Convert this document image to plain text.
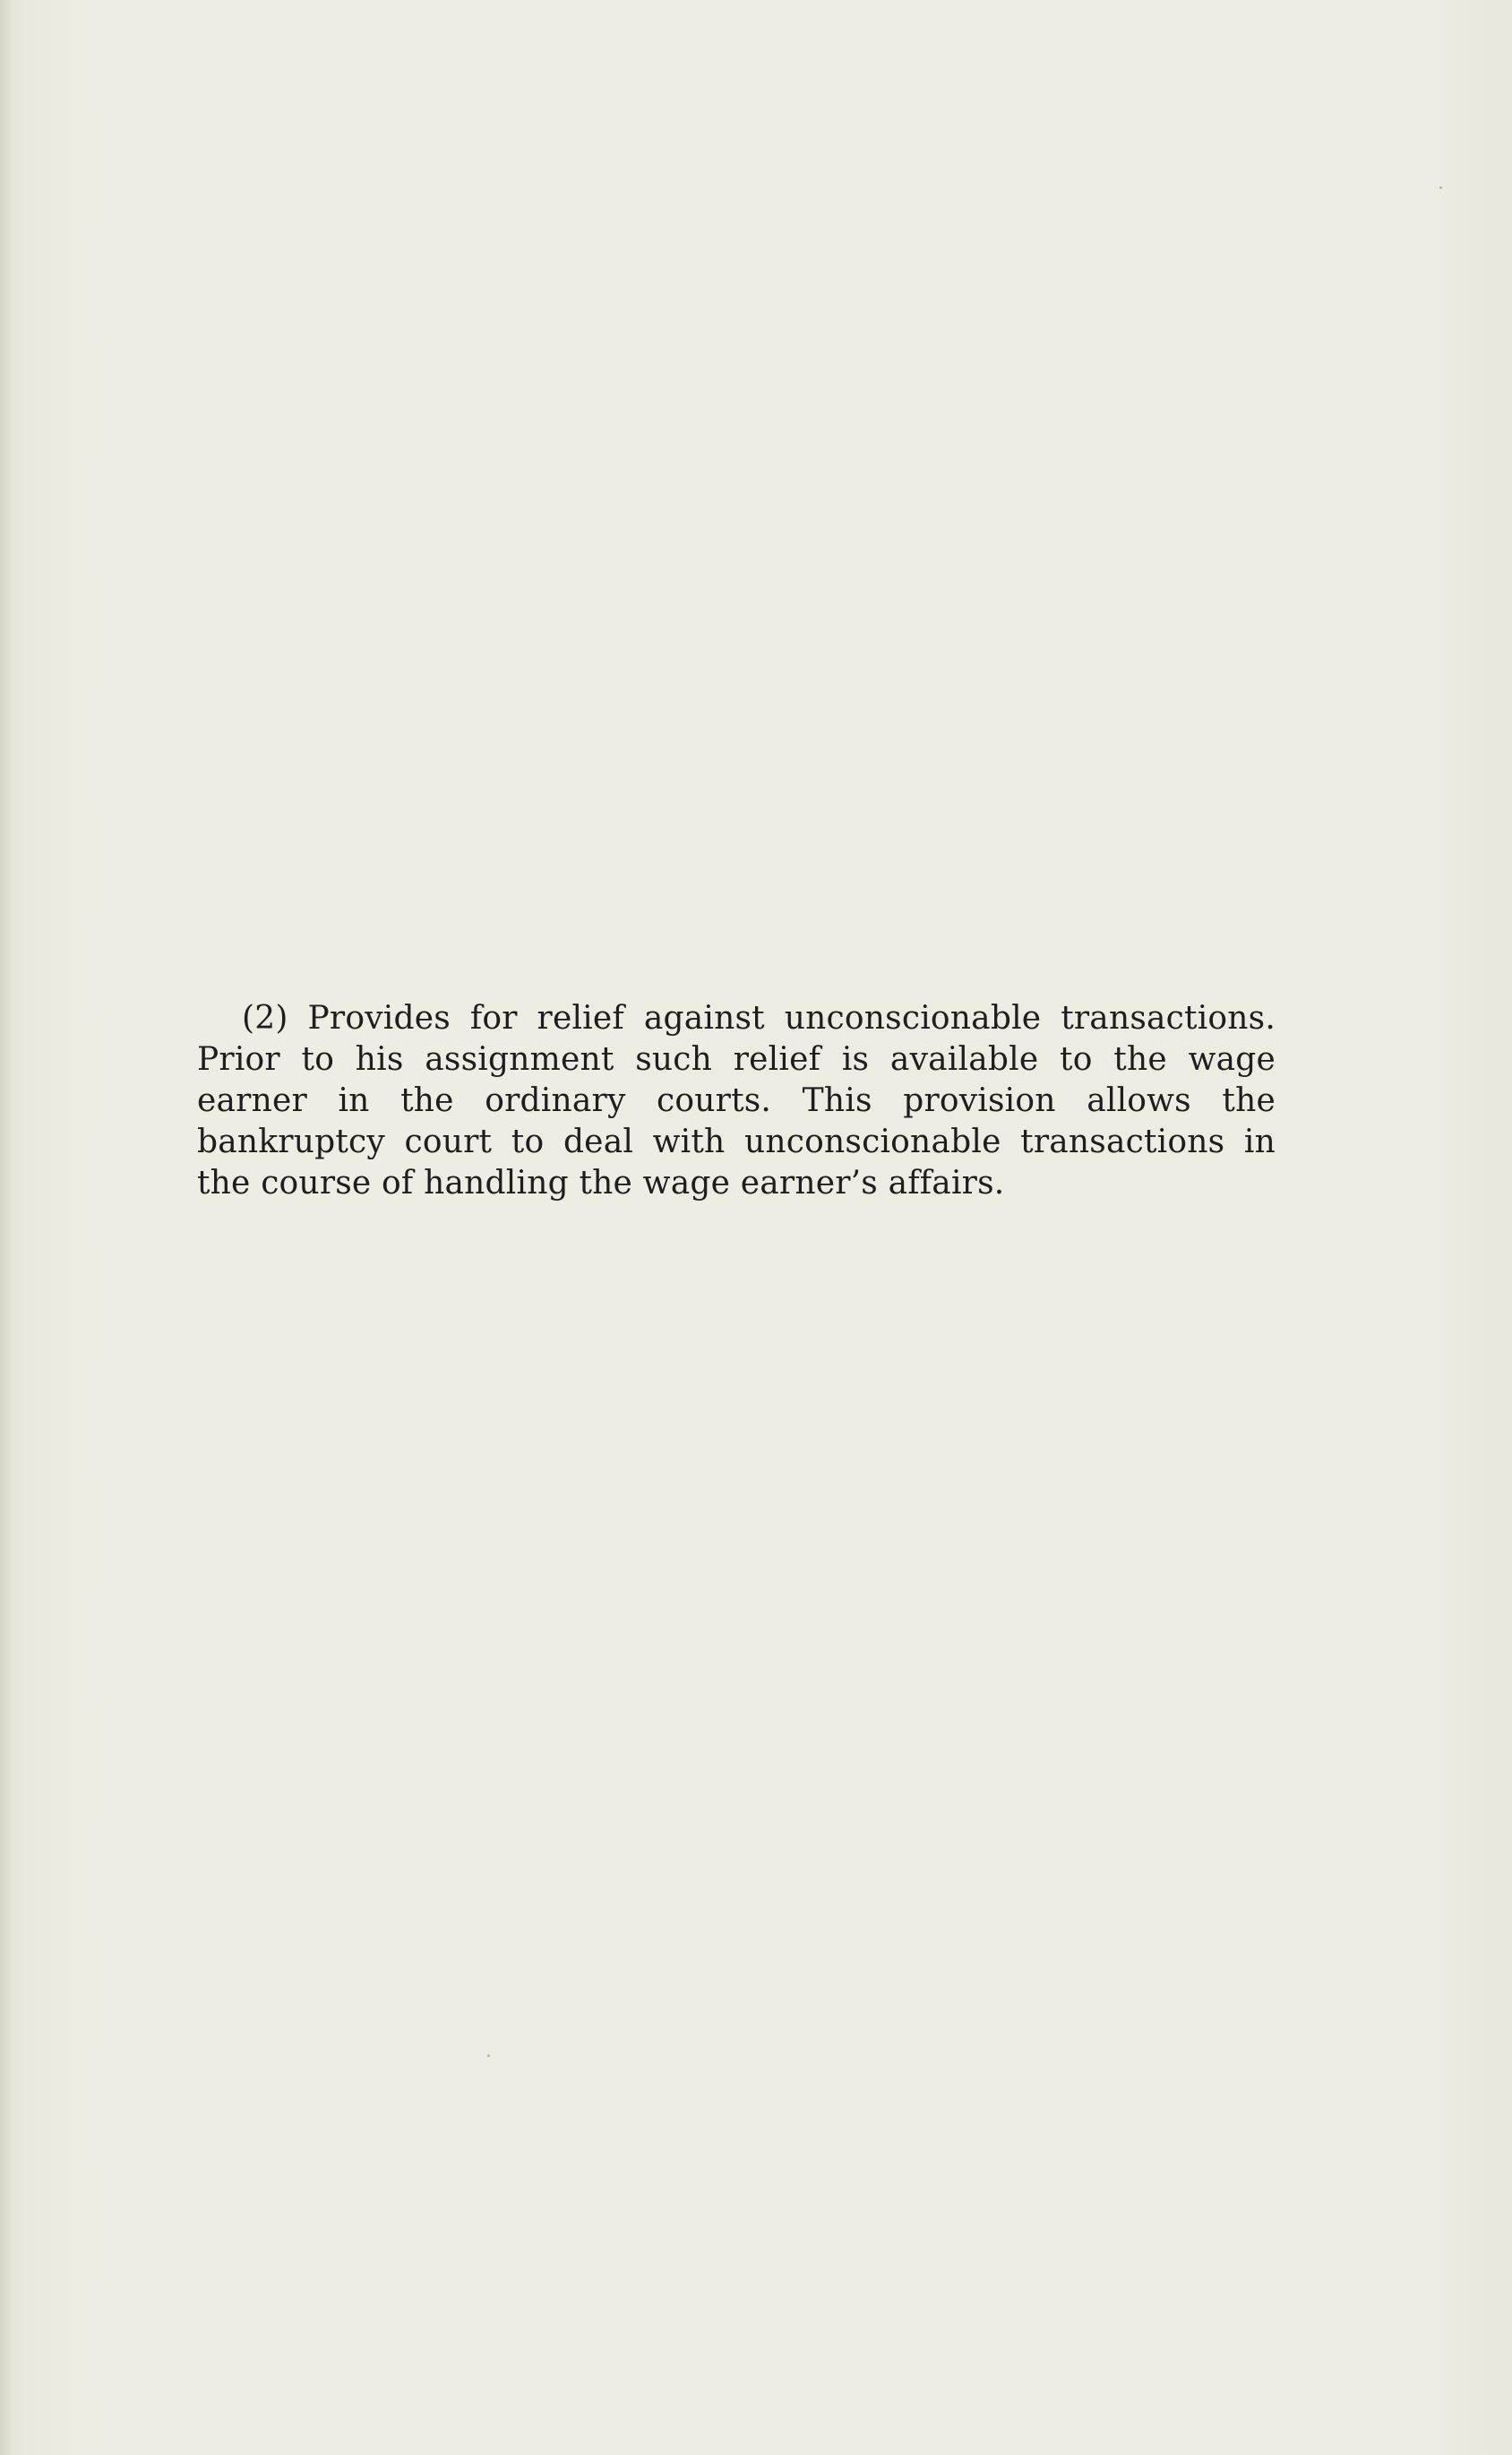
(2) Provides for relief against unconscionable transactions. Prior to his assignment such relief is available to the wage earner in the ordinary courts. This provision allows the bankruptcy court to deal with unconscionable transactions in the course of handling the wage earner’s affairs.
